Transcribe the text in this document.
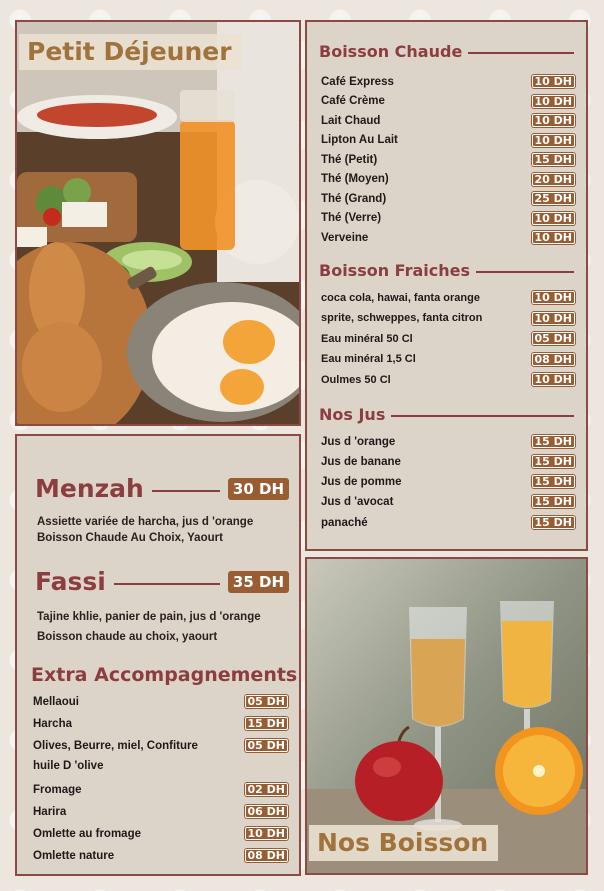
Petit Déjeuner
Menzah	30 DH
Assiette variée de harcha, jus d 'orange
Boisson Chaude Au Choix, Yaourt
Fassi	35 DH
Tajine khlie, panier de pain, jus d 'orange
Boisson chaude au choix, yaourt
Extra Accompagnements
Mellaoui	05 DH
Harcha	15 DH
Olives, Beurre, miel, Confiture	05 DH
huile D 'olive
Fromage	02 DH
Harira	06 DH
Omlette au fromage	10 DH
Omlette nature	08 DH
Boisson Chaude
Café Express	10 DH
Café Crème	10 DH
Lait Chaud	10 DH
Lipton Au Lait	10 DH
Thé (Petit)	15 DH
Thé (Moyen)	20 DH
Thé (Grand)	25 DH
Thé (Verre)	10 DH
Verveine	10 DH
Boisson Fraiches
coca cola, hawai, fanta orange	10 DH
sprite, schweppes, fanta citron	10 DH
Eau minéral 50 Cl	05 DH
Eau minéral 1,5 Cl	08 DH
Oulmes 50 Cl	10 DH
Nos Jus
Jus d 'orange	15 DH
Jus de banane	15 DH
Jus de pomme	15 DH
Jus d 'avocat	15 DH
panaché	15 DH
Nos Boisson
